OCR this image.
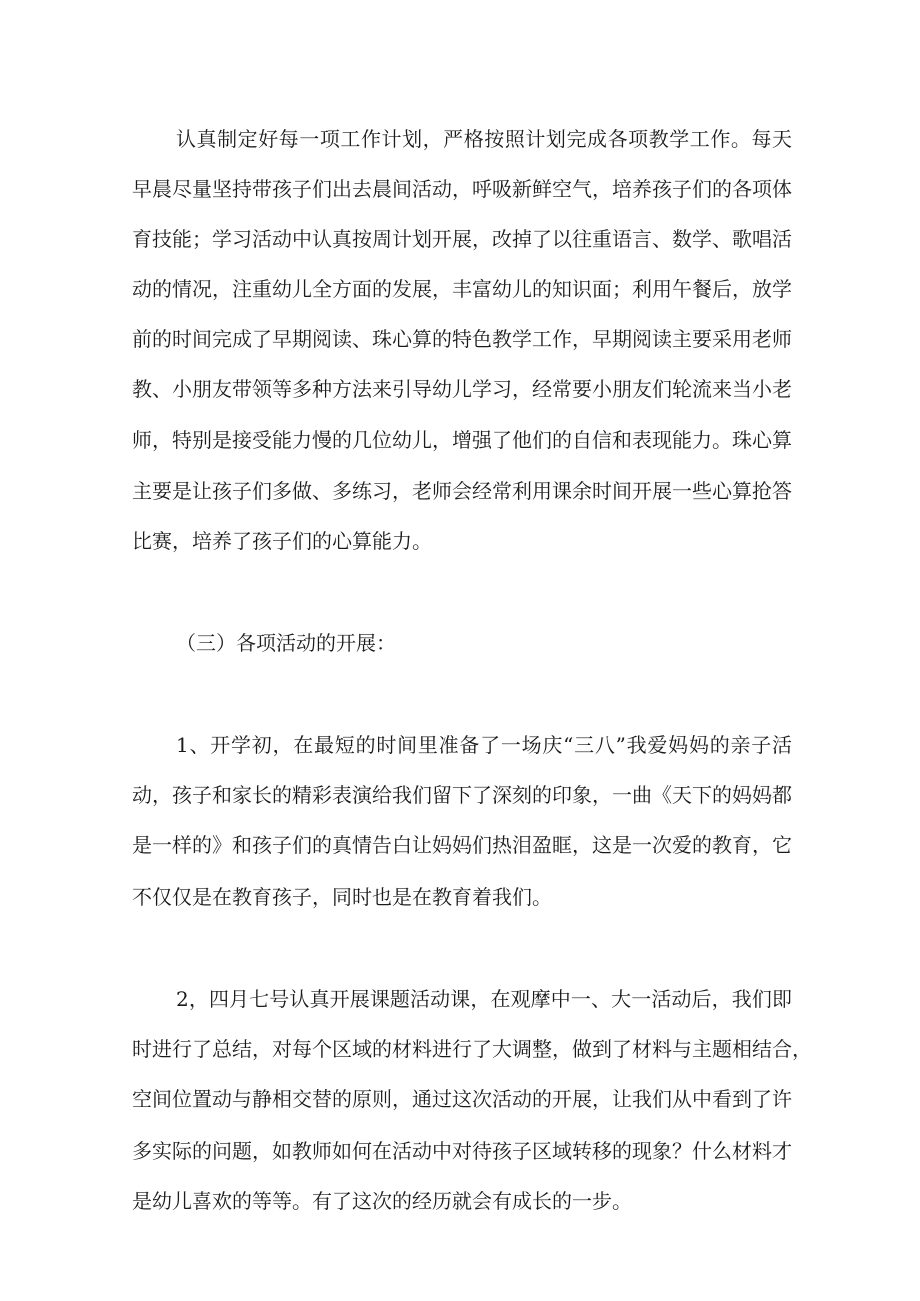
认真制定好每一项工作计划，严格按照计划完成各项教学工作。每天
早晨尽量坚持带孩子们出去晨间活动，呼吸新鲜空气，培养孩子们的各项体
育技能；学习活动中认真按周计划开展，改掉了以往重语言、数学、歌唱活
动的情况，注重幼儿全方面的发展，丰富幼儿的知识面；利用午餐后，放学
前的时间完成了早期阅读、珠心算的特色教学工作，早期阅读主要采用老师
教、小朋友带领等多种方法来引导幼儿学习，经常要小朋友们轮流来当小老
师，特别是接受能力慢的几位幼儿，增强了他们的自信和表现能力。珠心算
主要是让孩子们多做、多练习，老师会经常利用课余时间开展一些心算抢答
比赛，培养了孩子们的心算能力。
（三）各项活动的开展：
1、开学初，在最短的时间里准备了一场庆“三八”我爱妈妈的亲子活
动，孩子和家长的精彩表演给我们留下了深刻的印象，一曲《天下的妈妈都
是一样的》和孩子们的真情告白让妈妈们热泪盈眶，这是一次爱的教育，它
不仅仅是在教育孩子，同时也是在教育着我们。
2，四月七号认真开展课题活动课，在观摩中一、大一活动后，我们即
时进行了总结，对每个区域的材料进行了大调整，做到了材料与主题相结合，
空间位置动与静相交替的原则，通过这次活动的开展，让我们从中看到了许
多实际的问题，如教师如何在活动中对待孩子区域转移的现象？什么材料才
是幼儿喜欢的等等。有了这次的经历就会有成长的一步。
